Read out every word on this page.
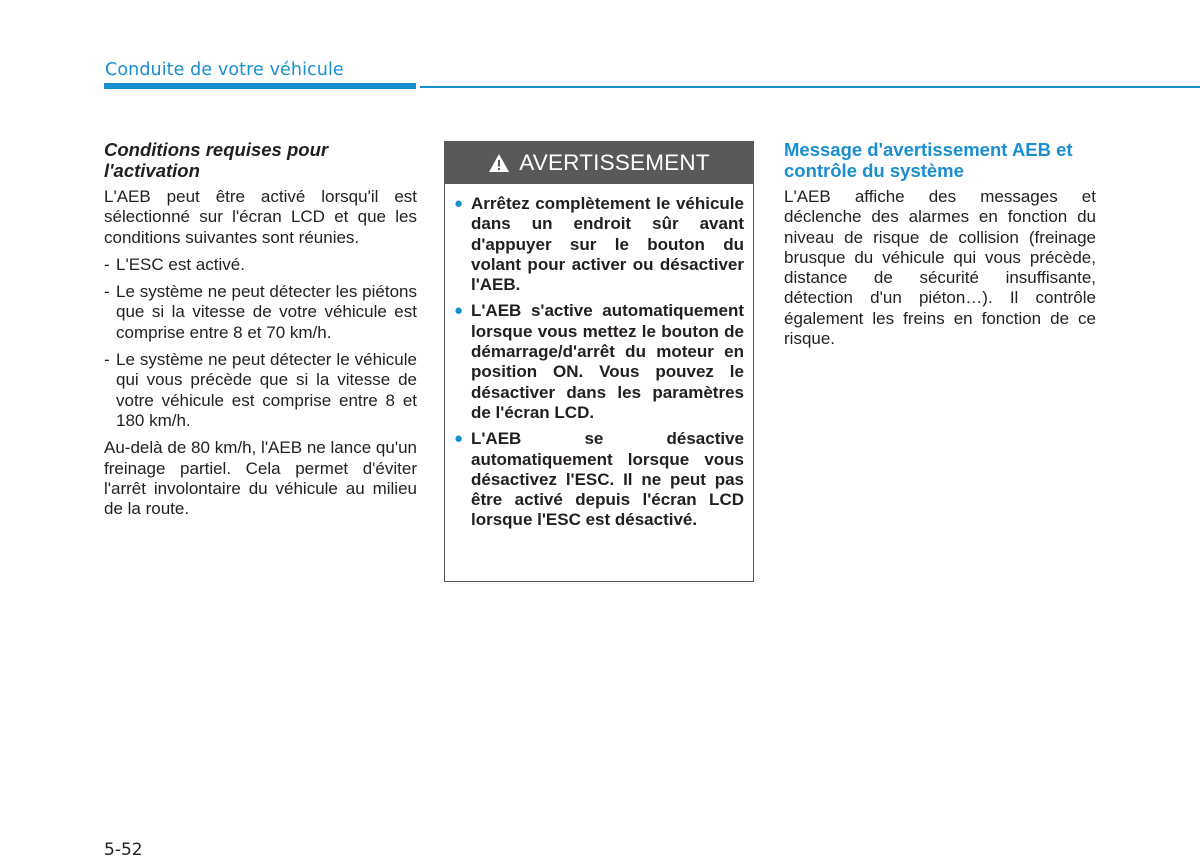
Conduite de votre véhicule
Conditions requises pour l'activation

L'AEB peut être activé lorsqu'il est sélectionné sur l'écran LCD et que les conditions suivantes sont réunies.

- L'ESC est activé.
- Le système ne peut détecter les piétons que si la vitesse de votre véhicule est comprise entre 8 et 70 km/h.
- Le système ne peut détecter le véhicule qui vous précède que si la vitesse de votre véhicule est comprise entre 8 et 180 km/h.

Au-delà de 80 km/h, l'AEB ne lance qu'un freinage partiel. Cela permet d'éviter l'arrêt involontaire du véhicule au milieu de la route.

AVERTISSEMENT
● Arrêtez complètement le véhicule dans un endroit sûr avant d'appuyer sur le bouton du volant pour activer ou désactiver l'AEB.
● L'AEB s'active automatiquement lorsque vous mettez le bouton de démarrage/d'arrêt du moteur en position ON. Vous pouvez le désactiver dans les paramètres de l'écran LCD.
● L'AEB se désactive automatiquement lorsque vous désactivez l'ESC. Il ne peut pas être activé depuis l'écran LCD lorsque l'ESC est désactivé.
Message d'avertissement AEB et contrôle du système

L'AEB affiche des messages et déclenche des alarmes en fonction du niveau de risque de collision (freinage brusque du véhicule qui vous précède, distance de sécurité insuffisante, détection d'un piéton…). Il contrôle également les freins en fonction de ce risque.

5-52
